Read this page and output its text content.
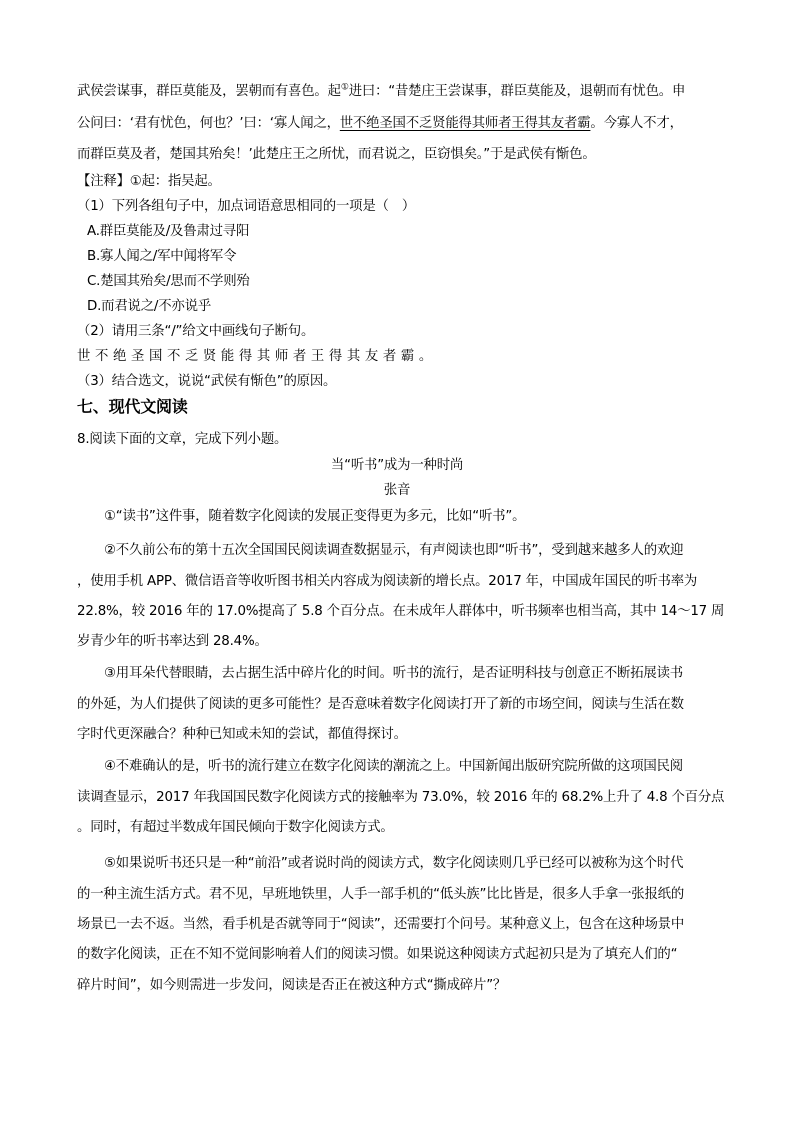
武侯尝谋事，群臣莫能及，罢朝而有喜色。起①进曰：“昔楚庄王尝谋事，群臣莫能及，退朝而有忧色。申
公问曰：‘君有忧色，何也？’曰：‘寡人闻之，世不绝圣国不乏贤能得其师者王得其友者霸。今寡人不才，
而群臣莫及者，楚国其殆矣！’此楚庄王之所忧，而君说之，臣窃惧矣。”于是武侯有惭色。
【注释】①起：指吴起。
（1）下列各组句子中，加点词语意思相同的一项是（　）
A.群臣莫能及/及鲁肃过寻阳
B.寡人闻之/军中闻将军令
C.楚国其殆矣/思而不学则殆
D.而君说之/不亦说乎
（2）请用三条“/”给文中画线句子断句。
世不绝圣国不乏贤能得其师者王得其友者霸。
（3）结合选文，说说“武侯有惭色”的原因。
七、现代文阅读
8.阅读下面的文章，完成下列小题。
当“听书”成为一种时尚
张音
①“读书”这件事，随着数字化阅读的发展正变得更为多元，比如“听书”。
②不久前公布的第十五次全国国民阅读调查数据显示，有声阅读也即“听书”，受到越来越多人的欢迎
，使用手机 APP、微信语音等收听图书相关内容成为阅读新的增长点。2017 年，中国成年国民的听书率为
22.8%，较 2016 年的 17.0%提高了 5.8 个百分点。在未成年人群体中，听书频率也相当高，其中 14～17 周
岁青少年的听书率达到 28.4%。
③用耳朵代替眼睛，去占据生活中碎片化的时间。听书的流行，是否证明科技与创意正不断拓展读书
的外延，为人们提供了阅读的更多可能性？是否意味着数字化阅读打开了新的市场空间，阅读与生活在数
字时代更深融合？种种已知或未知的尝试，都值得探讨。
④不难确认的是，听书的流行建立在数字化阅读的潮流之上。中国新闻出版研究院所做的这项国民阅
读调查显示，2017 年我国国民数字化阅读方式的接触率为 73.0%，较 2016 年的 68.2%上升了 4.8 个百分点
。同时，有超过半数成年国民倾向于数字化阅读方式。
⑤如果说听书还只是一种“前沿”或者说时尚的阅读方式，数字化阅读则几乎已经可以被称为这个时代
的一种主流生活方式。君不见，早班地铁里，人手一部手机的“低头族”比比皆是，很多人手拿一张报纸的
场景已一去不返。当然，看手机是否就等同于“阅读”，还需要打个问号。某种意义上，包含在这种场景中
的数字化阅读，正在不知不觉间影响着人们的阅读习惯。如果说这种阅读方式起初只是为了填充人们的“
碎片时间”，如今则需进一步发问，阅读是否正在被这种方式“撕成碎片”？
